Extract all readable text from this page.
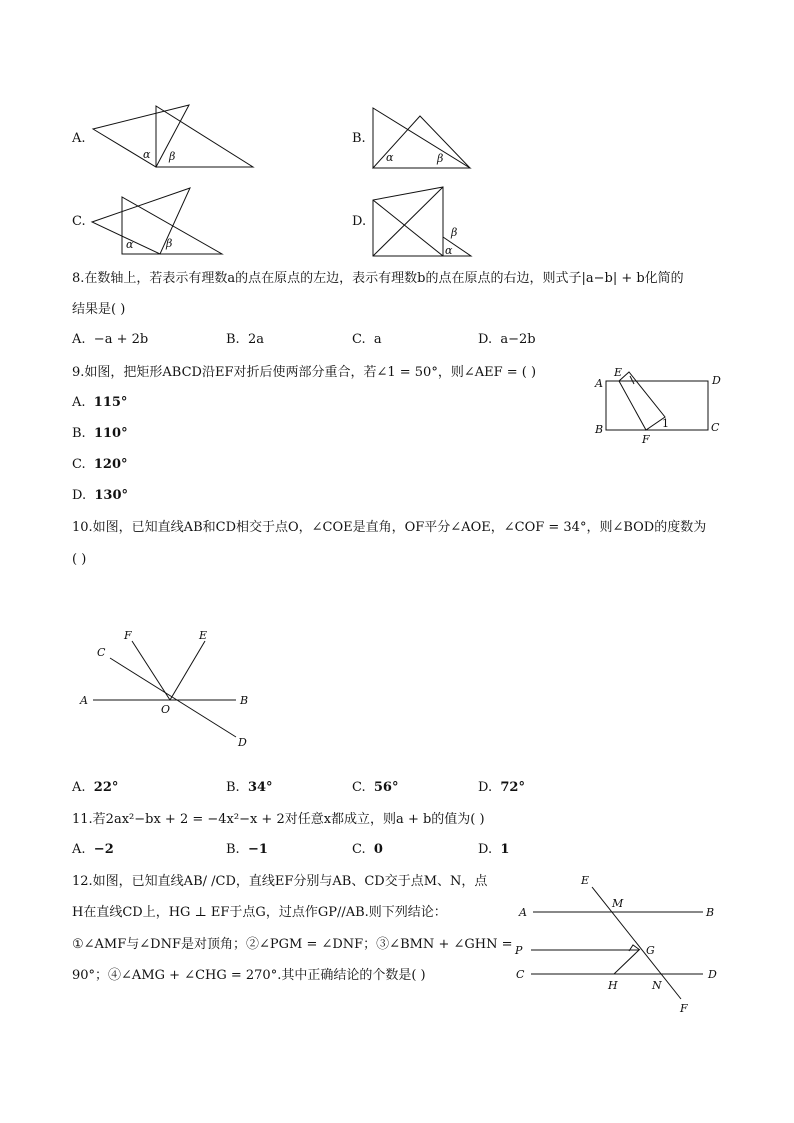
A.
α β	α	β
α	β
β
α
B.
C.	D.
8.在数轴上，若表示有理数a的点在原点的左边，表示有理数b的点在原点的右边，则式子|a−b| + b化简的
结果是( )
A. −a + 2b	B. 2a	C. a	D. a−2b
9.如图，把矩形ABCD沿EF对折后使两部分重合，若∠1 = 50°，则∠AEF = ( )
A. 115°
B. 110°
C. 120°
D. 130°
A
E
D
B
F
C
1
10.如图，已知直线AB和CD相交于点O，∠COE是直角，OF平分∠AOE，∠COF = 34°，则∠BOD的度数为
( )
F	E
C
A
O
B
D
A. 22°	B. 34°	C. 56°	D. 72°
11.若2ax²−bx + 2 = −4x²−x + 2对任意x都成立，则a + b的值为( )
A. −2	B. −1	C. 0	D. 1
12.如图，已知直线AB/ /CD，直线EF分别与AB、CD交于点M、N，点
H在直线CD上，HG ⊥ EF于点G，过点作GP//AB.则下列结论：
①∠AMF与∠DNF是对顶角；②∠PGM = ∠DNF；③∠BMN + ∠GHN =
90°；④∠AMG + ∠CHG = 270°.其中正确结论的个数是( )
E
A
M
B
P	G
C	D
H	N
F
